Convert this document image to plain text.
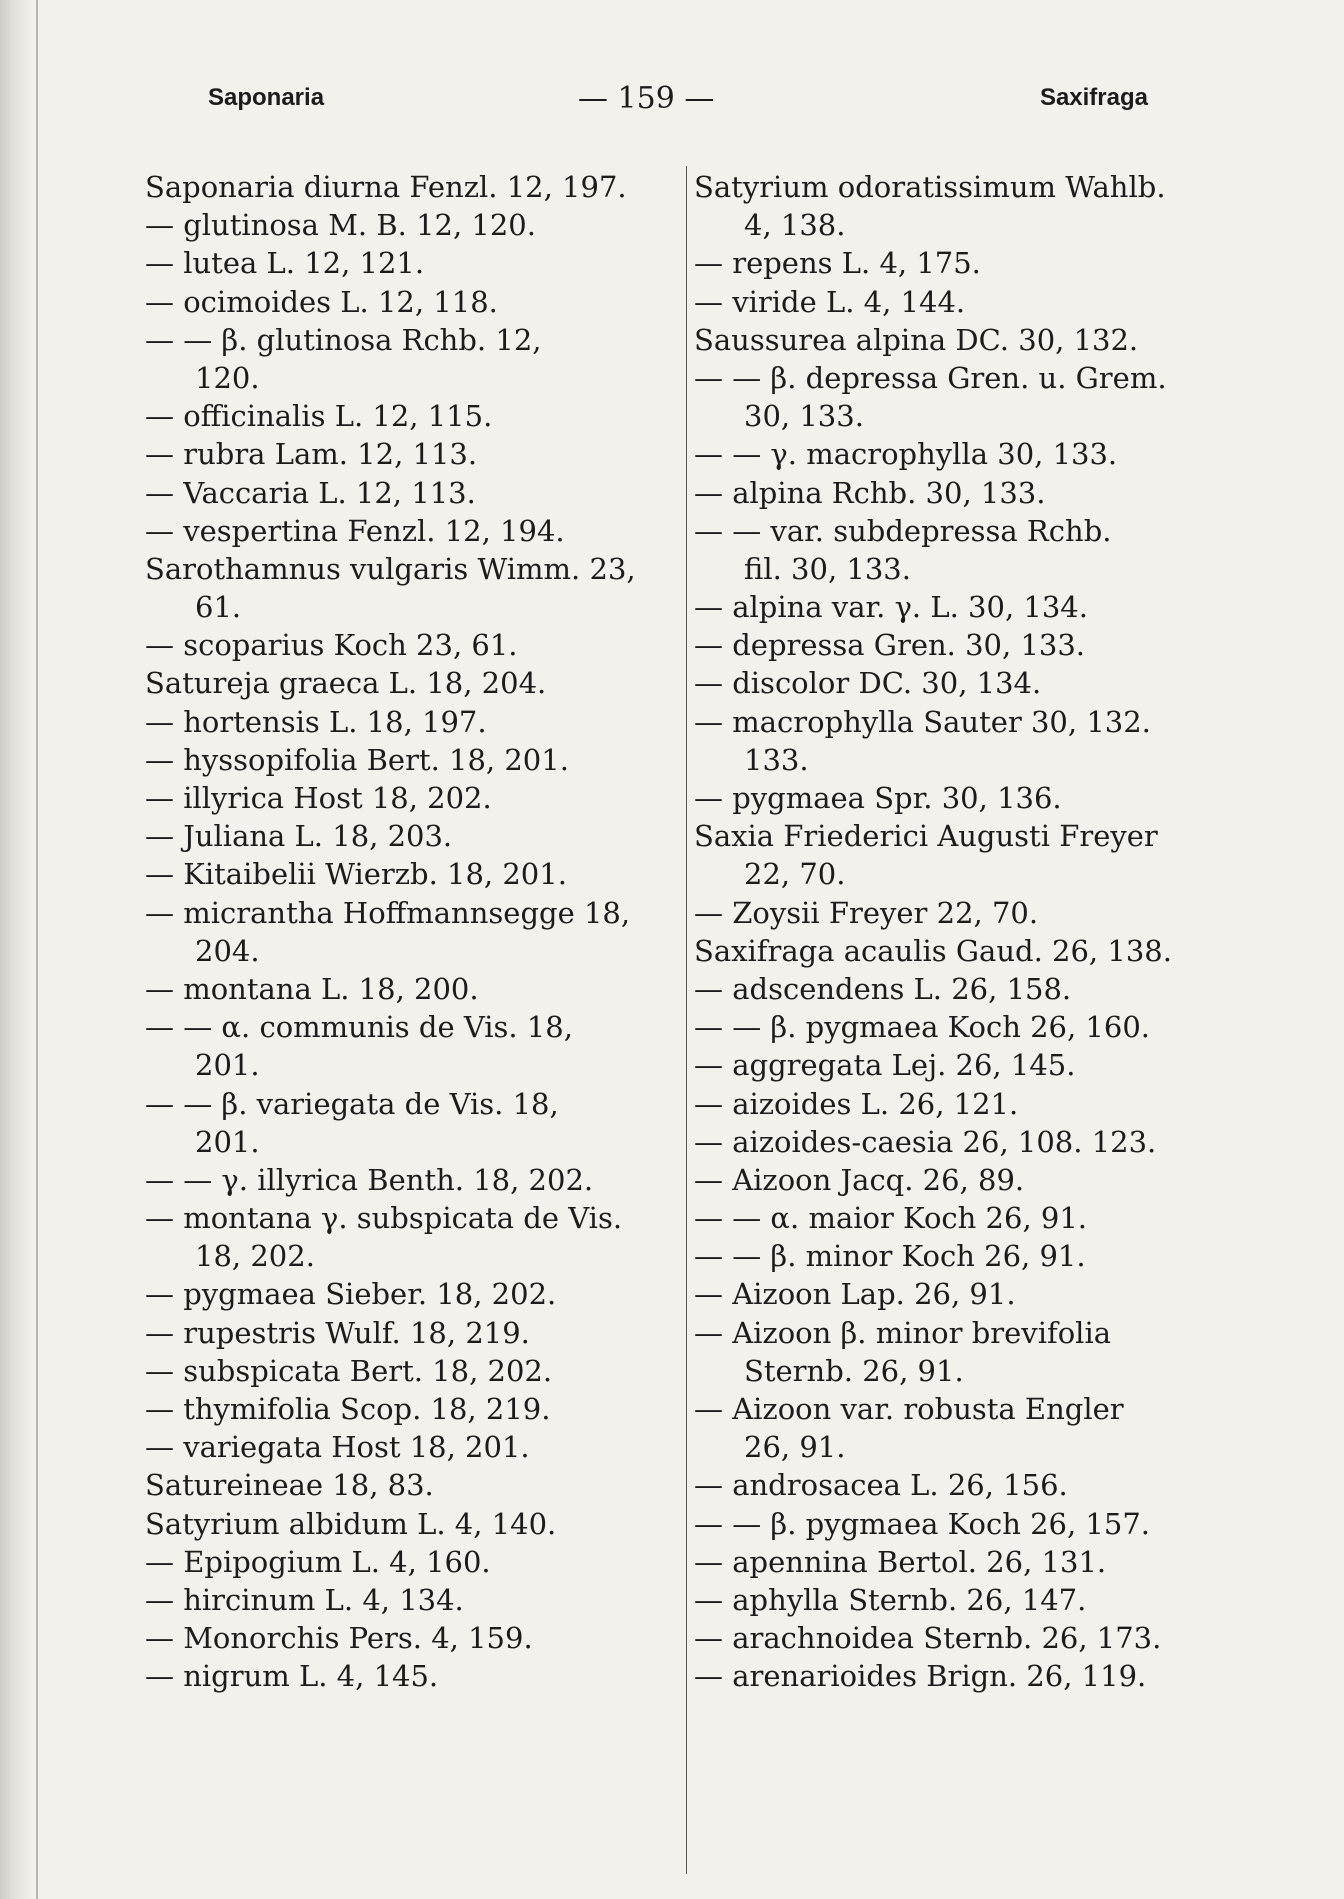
Saponaria	— 159 —	Saxifraga
Saponaria diurna Fenzl. 12, 197.
— glutinosa M. B. 12, 120.
— lutea L. 12, 121.
— ocimoides L. 12, 118.
— — β. glutinosa Rchb. 12,
120.
— officinalis L. 12, 115.
— rubra Lam. 12, 113.
— Vaccaria L. 12, 113.
— vespertina Fenzl. 12, 194.
Sarothamnus vulgaris Wimm. 23,
61.
— scoparius Koch 23, 61.
Satureja graeca L. 18, 204.
— hortensis L. 18, 197.
— hyssopifolia Bert. 18, 201.
— illyrica Host 18, 202.
— Juliana L. 18, 203.
— Kitaibelii Wierzb. 18, 201.
— micrantha Hoffmannsegge 18,
204.
— montana L. 18, 200.
— — α. communis de Vis. 18,
201.
— — β. variegata de Vis. 18,
201.
— — γ. illyrica Benth. 18, 202.
— montana γ. subspicata de Vis.
18, 202.
— pygmaea Sieber. 18, 202.
— rupestris Wulf. 18, 219.
— subspicata Bert. 18, 202.
— thymifolia Scop. 18, 219.
— variegata Host 18, 201.
Satureineae 18, 83.
Satyrium albidum L. 4, 140.
— Epipogium L. 4, 160.
— hircinum L. 4, 134.
— Monorchis Pers. 4, 159.
— nigrum L. 4, 145.
Satyrium odoratissimum Wahlb.
4, 138.
— repens L. 4, 175.
— viride L. 4, 144.
Saussurea alpina DC. 30, 132.
— — β. depressa Gren. u. Grem.
30, 133.
— — γ. macrophylla 30, 133.
— alpina Rchb. 30, 133.
— — var. subdepressa Rchb.
fil. 30, 133.
— alpina var. γ. L. 30, 134.
— depressa Gren. 30, 133.
— discolor DC. 30, 134.
— macrophylla Sauter 30, 132.
133.
— pygmaea Spr. 30, 136.
Saxia Friederici Augusti Freyer
22, 70.
— Zoysii Freyer 22, 70.
Saxifraga acaulis Gaud. 26, 138.
— adscendens L. 26, 158.
— — β. pygmaea Koch 26, 160.
— aggregata Lej. 26, 145.
— aizoides L. 26, 121.
— aizoides-caesia 26, 108. 123.
— Aizoon Jacq. 26, 89.
— — α. maior Koch 26, 91.
— — β. minor Koch 26, 91.
— Aizoon Lap. 26, 91.
— Aizoon β. minor brevifolia
Sternb. 26, 91.
— Aizoon var. robusta Engler
26, 91.
— androsacea L. 26, 156.
— — β. pygmaea Koch 26, 157.
— apennina Bertol. 26, 131.
— aphylla Sternb. 26, 147.
— arachnoidea Sternb. 26, 173.
— arenarioides Brign. 26, 119.
